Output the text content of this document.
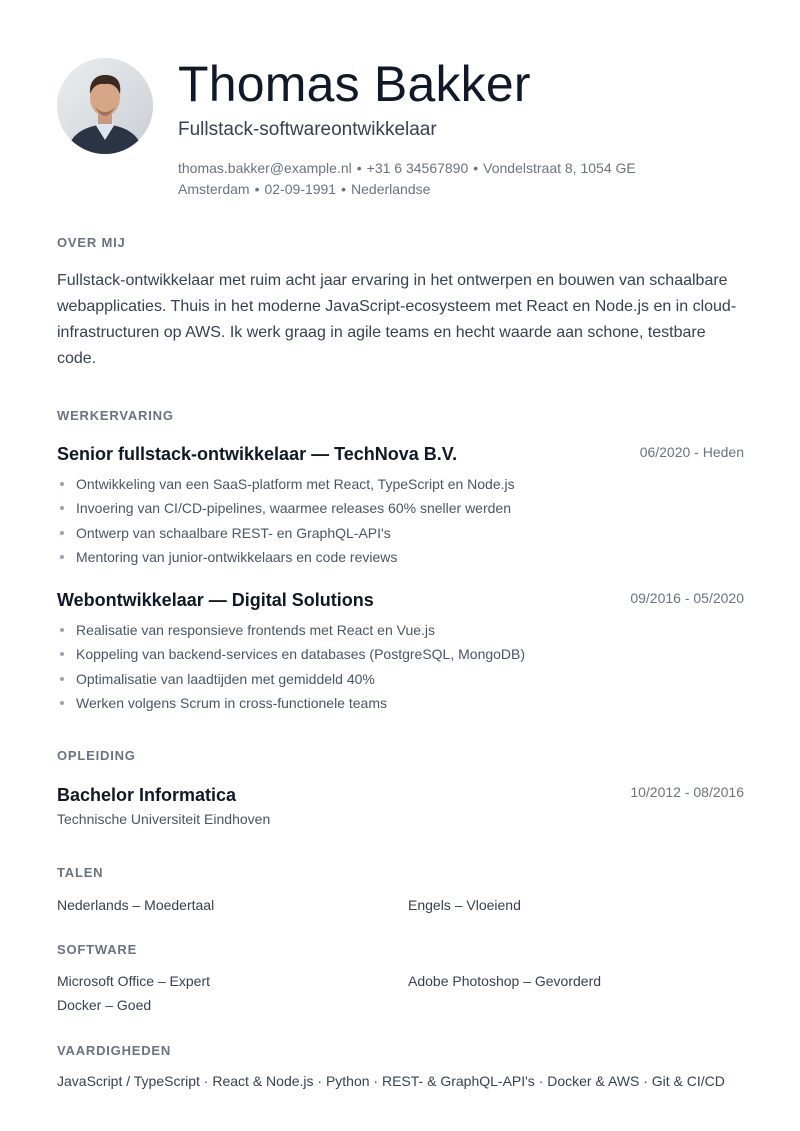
Thomas Bakker
Fullstack-softwareontwikkelaar
thomas.bakker@example.nl • +31 6 34567890 • Vondelstraat 8, 1054 GE Amsterdam • 02-09-1991 • Nederlandse
OVER MIJ
Fullstack-ontwikkelaar met ruim acht jaar ervaring in het ontwerpen en bouwen van schaalbare webapplicaties. Thuis in het moderne JavaScript-ecosysteem met React en Node.js en in cloud-infrastructuren op AWS. Ik werk graag in agile teams en hecht waarde aan schone, testbare code.
WERKERVARING
Senior fullstack-ontwikkelaar — TechNova B.V.	06/2020 - Heden
Ontwikkeling van een SaaS-platform met React, TypeScript en Node.js
Invoering van CI/CD-pipelines, waarmee releases 60% sneller werden
Ontwerp van schaalbare REST- en GraphQL-API's
Mentoring van junior-ontwikkelaars en code reviews
Webontwikkelaar — Digital Solutions	09/2016 - 05/2020
Realisatie van responsieve frontends met React en Vue.js
Koppeling van backend-services en databases (PostgreSQL, MongoDB)
Optimalisatie van laadtijden met gemiddeld 40%
Werken volgens Scrum in cross-functionele teams
OPLEIDING
Bachelor Informatica	10/2012 - 08/2016
Technische Universiteit Eindhoven
TALEN
Nederlands – Moedertaal	Engels – Vloeiend
SOFTWARE
Microsoft Office – Expert	Adobe Photoshop – Gevorderd
Docker – Goed
VAARDIGHEDEN
JavaScript / TypeScript · React & Node.js · Python · REST- & GraphQL-API's · Docker & AWS · Git & CI/CD
